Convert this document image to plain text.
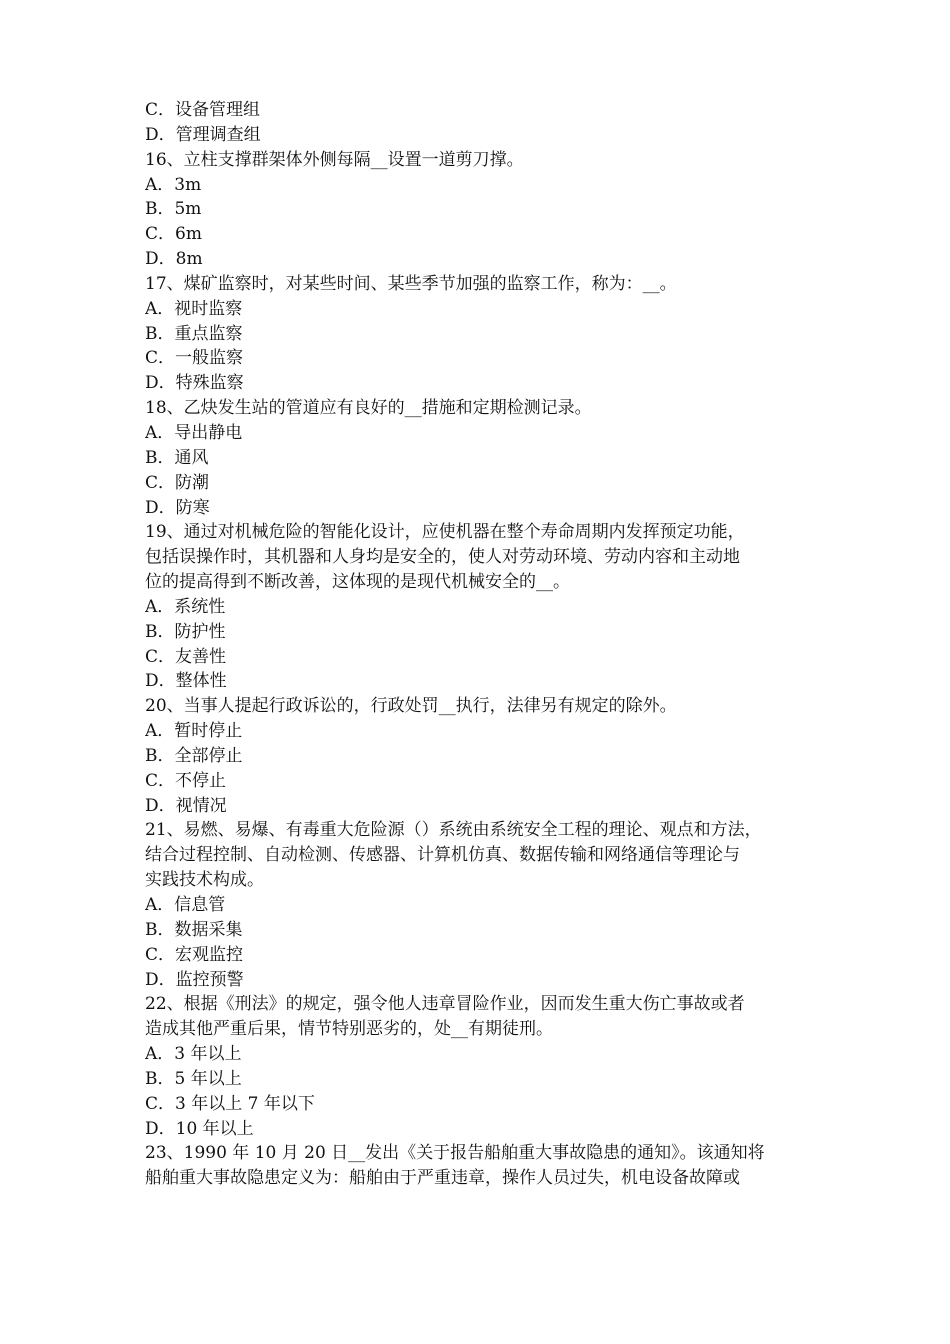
C．设备管理组
D．管理调查组
16、立柱支撑群架体外侧每隔__设置一道剪刀撑。
A．3m
B．5m
C．6m
D．8m
17、煤矿监察时，对某些时间、某些季节加强的监察工作，称为：__。
A．视时监察
B．重点监察
C．一般监察
D．特殊监察
18、乙炔发生站的管道应有良好的__措施和定期检测记录。
A．导出静电
B．通风
C．防潮
D．防寒
19、通过对机械危险的智能化设计，应使机器在整个寿命周期内发挥预定功能，
包括误操作时，其机器和人身均是安全的，使人对劳动环境、劳动内容和主动地
位的提高得到不断改善，这体现的是现代机械安全的__。
A．系统性
B．防护性
C．友善性
D．整体性
20、当事人提起行政诉讼的，行政处罚__执行，法律另有规定的除外。
A．暂时停止
B．全部停止
C．不停止
D．视情况
21、易燃、易爆、有毒重大危险源（）系统由系统安全工程的理论、观点和方法，
结合过程控制、自动检测、传感器、计算机仿真、数据传输和网络通信等理论与
实践技术构成。
A．信息管
B．数据采集
C．宏观监控
D．监控预警
22、根据《刑法》的规定，强令他人违章冒险作业，因而发生重大伤亡事故或者
造成其他严重后果，情节特别恶劣的，处__有期徒刑。
A．3 年以上
B．5 年以上
C．3 年以上 7 年以下
D．10 年以上
23、1990 年 10 月 20 日__发出《关于报告船舶重大事故隐患的通知》。该通知将
船舶重大事故隐患定义为：船舶由于严重违章，操作人员过失，机电设备故障或
